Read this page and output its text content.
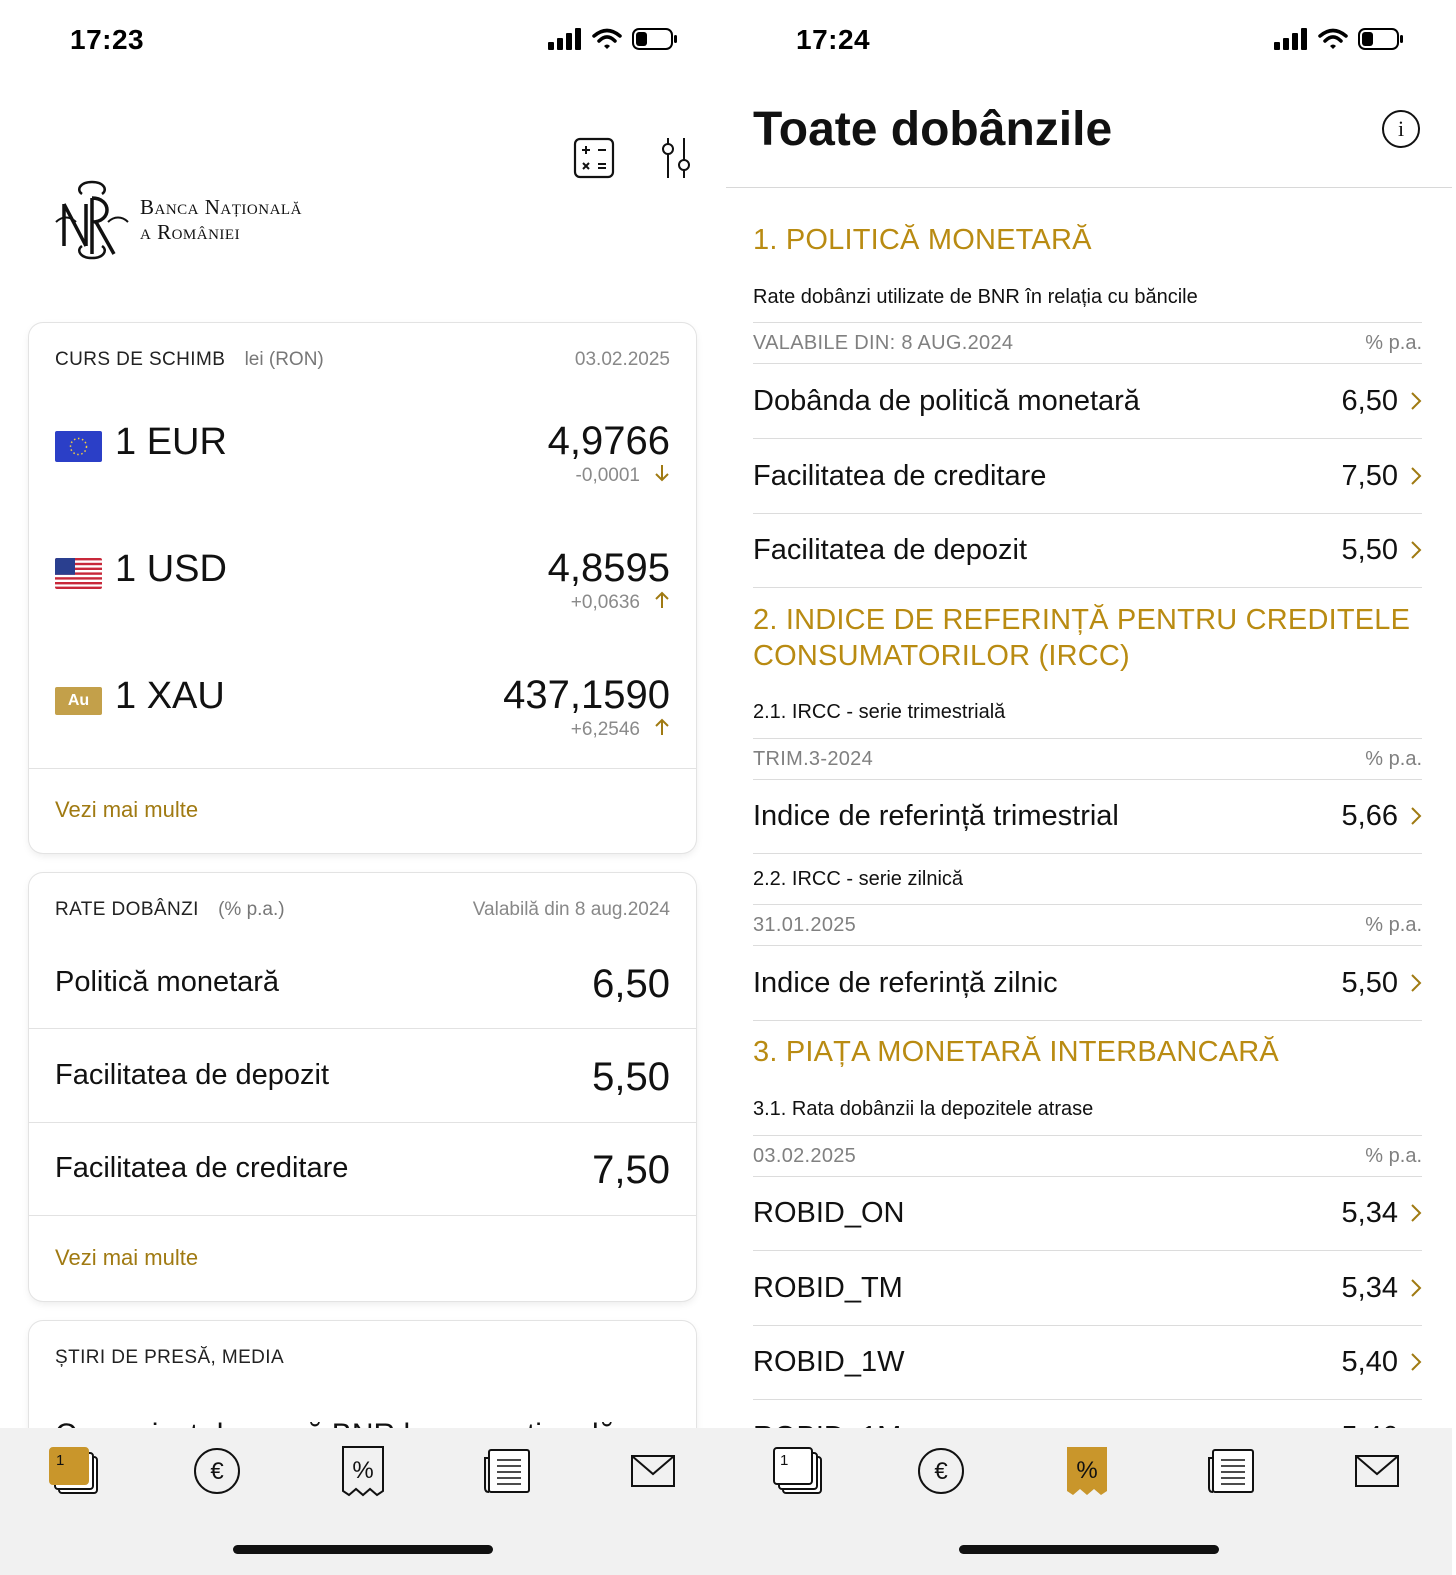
17:23
Banca Națională
a României
CURS DE SCHIMB lei (RON)	03.02.2025
1 EUR	4,9766
-0,0001
1 USD	4,8595
+0,0636
Au 1 XAU	437,1590
+6,2546
Vezi mai multe
RATE DOBÂNZI (% p.a.)	Valabilă din 8 aug.2024
Politică monetară	6,50
Facilitatea de depozit	5,50
Facilitatea de creditare	7,50
Vezi mai multe
ȘTIRI DE PRESĂ, MEDIA
1	€	%
17:24
Toate dobânzile	i
1. POLITICĂ MONETARĂ
Rate dobânzi utilizate de BNR în relația cu băncile
VALABILE DIN: 8 AUG.2024	% p.a.
Dobânda de politică monetară	6,50
Facilitatea de creditare	7,50
Facilitatea de depozit	5,50
2. INDICE DE REFERINȚĂ PENTRU CREDITELE CONSUMATORILOR (IRCC)
2.1. IRCC - serie trimestrială
TRIM.3-2024	% p.a.
Indice de referință trimestrial	5,66
2.2. IRCC - serie zilnică
31.01.2025	% p.a.
Indice de referință zilnic	5,50
3. PIAȚA MONETARĂ INTERBANCARĂ
3.1. Rata dobânzii la depozitele atrase
03.02.2025	% p.a.
ROBID_ON	5,34
ROBID_TM	5,34
ROBID_1W	5,40
1	€	%
